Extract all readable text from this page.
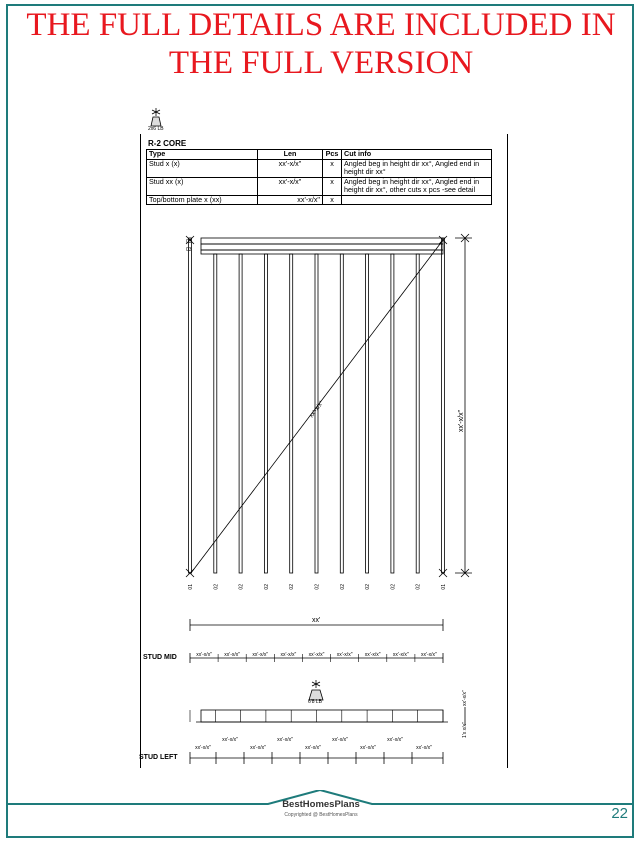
THE FULL DETAILS ARE INCLUDED IN
THE FULL VERSION
R-2 CORE
Type	Len	Pcs	Cut info
Stud x (x)	xx'-x/x"	x	Angled beg in height dir xx°, Angled end in height dir xx°
Stud xx (x)	xx'-x/x"	x	Angled beg in height dir xx°, Angled end in height dir xx°, other cuts x pcs -see detail
Top/bottom plate x (xx)	xx'-x/x"	x	
2x6 LB
03
03
xx'-x/x"
xx'-x/x"
xx'
6'8 LB
1'x x/x"
xx'-x/x"
01	02	02	02	02	02	02	02	02	02	01
xx'-x/x" xx'-x/x" xx'-x/x" xx'-x/x" xx'-x/x" xx'-x/x" xx'-x/x" xx'-x/x" xx'-x/x"
xx'-x/x"	xx'-x/x"	xx'-x/x"	xx'-x/x"
xx'-x/x"	xx'-x/x"	xx'-x/x"	xx'-x/x"	xx'-x/x"
STUD MID
STUD LEFT
BestHomesPlans
Copyrighted @ BestHomesPlans	22
